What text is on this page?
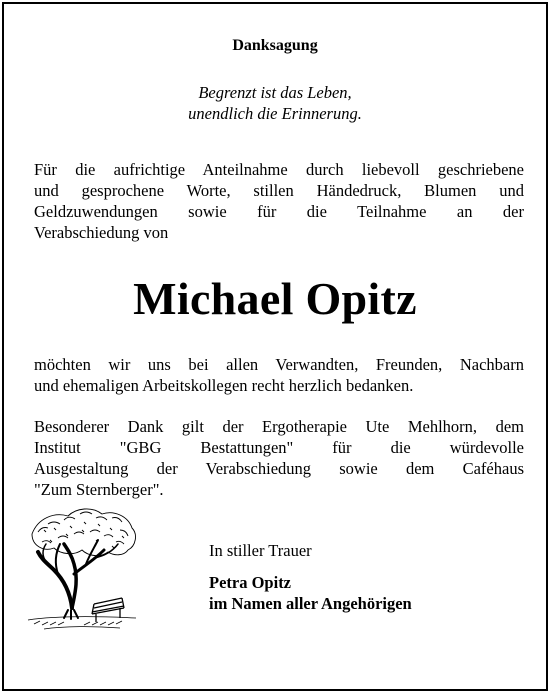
Danksagung
Begrenzt ist das Leben,
unendlich die Erinnerung.
Für die aufrichtige Anteilnahme durch liebevoll geschriebene
und gesprochene Worte, stillen Händedruck, Blumen und
Geldzuwendungen sowie für die Teilnahme an der
Verabschiedung von
Michael Opitz
möchten wir uns bei allen Verwandten, Freunden, Nachbarn
und ehemaligen Arbeitskollegen recht herzlich bedanken.
Besonderer Dank gilt der Ergotherapie Ute Mehlhorn, dem
Institut "GBG Bestattungen" für die würdevolle
Ausgestaltung der Verabschiedung sowie dem Caféhaus
"Zum Sternberger".
In stiller Trauer
Petra Opitz
im Namen aller Angehörigen
